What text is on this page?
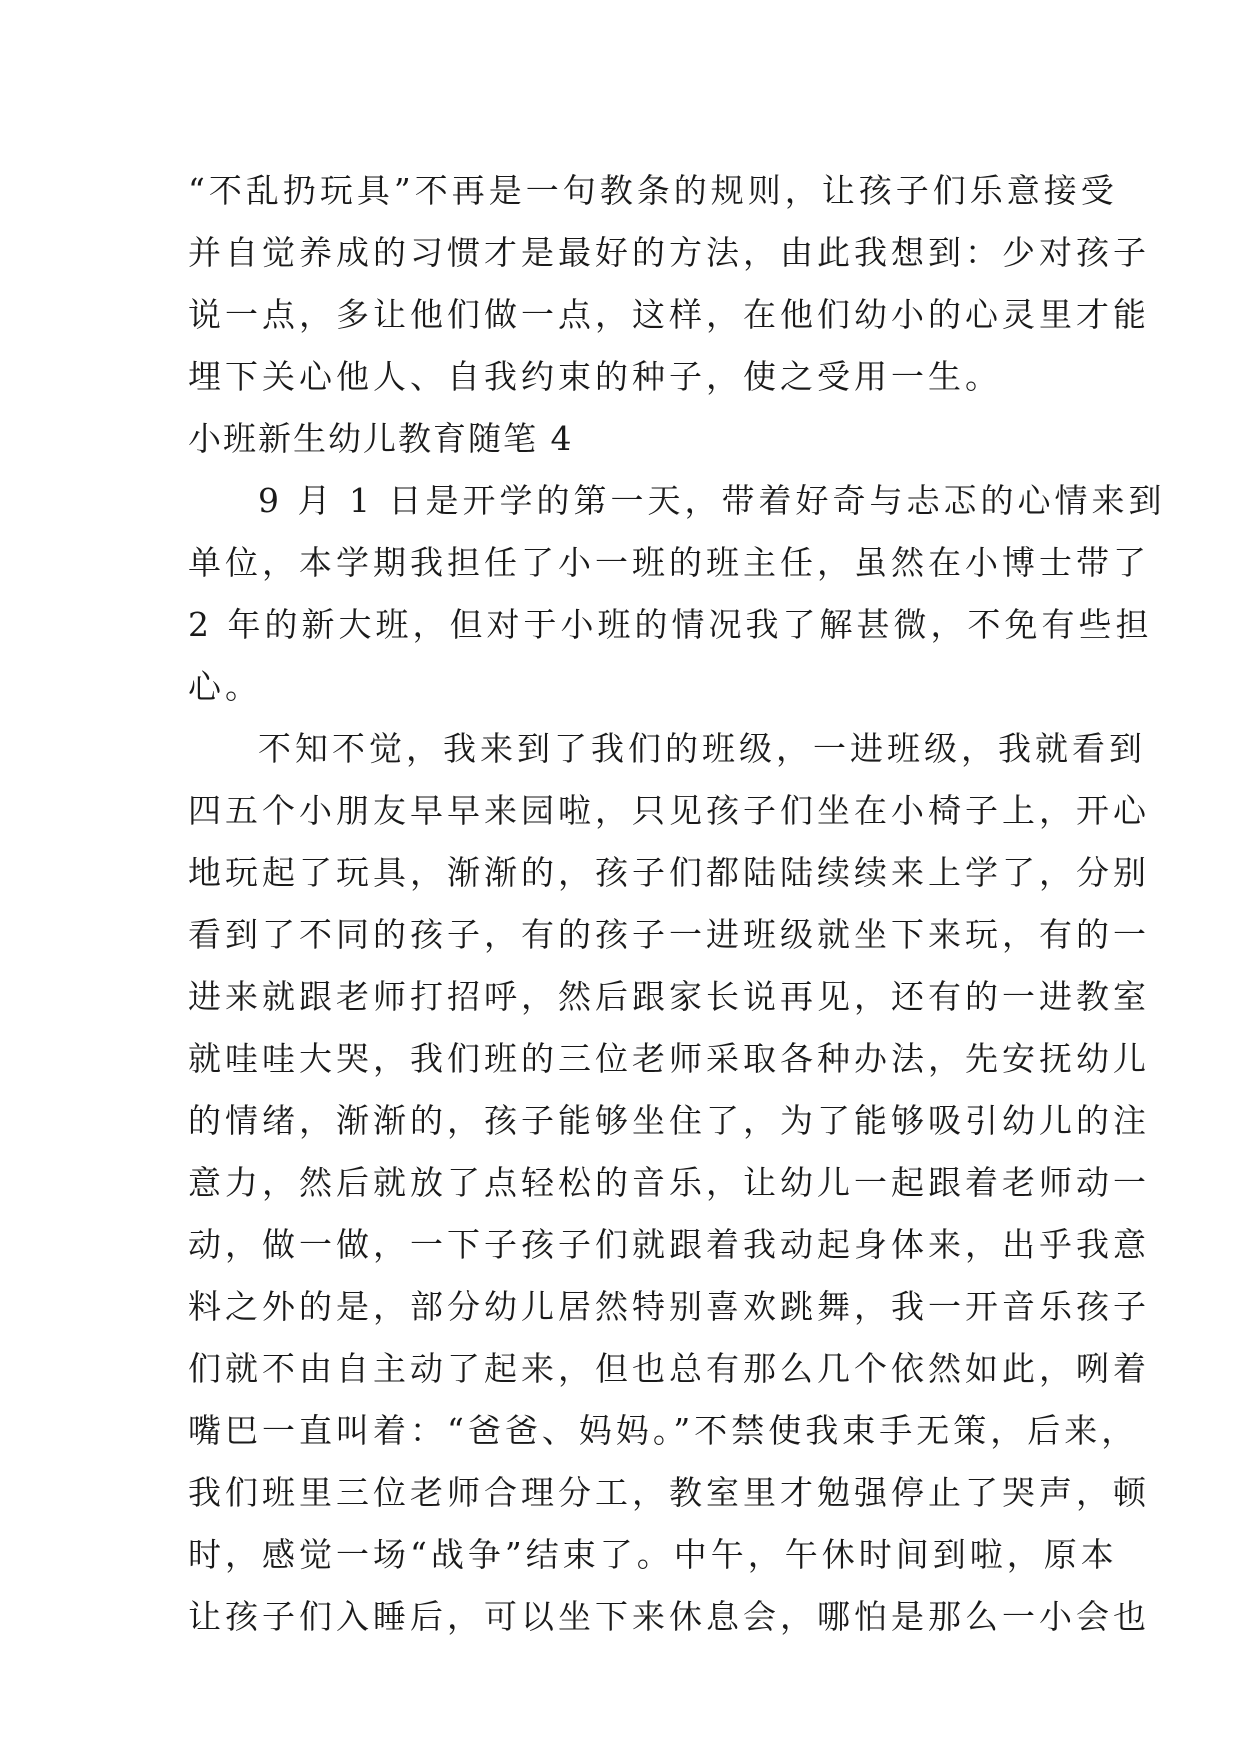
“不乱扔玩具”不再是一句教条的规则，让孩子们乐意接受
并自觉养成的习惯才是最好的方法，由此我想到：少对孩子
说一点，多让他们做一点，这样，在他们幼小的心灵里才能
埋下关心他人、自我约束的种子，使之受用一生。
小班新生幼儿教育随笔 4
9 月 1 日是开学的第一天，带着好奇与忐忑的心情来到
单位，本学期我担任了小一班的班主任，虽然在小博士带了
2 年的新大班，但对于小班的情况我了解甚微，不免有些担
心。
不知不觉，我来到了我们的班级，一进班级，我就看到
四五个小朋友早早来园啦，只见孩子们坐在小椅子上，开心
地玩起了玩具，渐渐的，孩子们都陆陆续续来上学了，分别
看到了不同的孩子，有的孩子一进班级就坐下来玩，有的一
进来就跟老师打招呼，然后跟家长说再见，还有的一进教室
就哇哇大哭，我们班的三位老师采取各种办法，先安抚幼儿
的情绪，渐渐的，孩子能够坐住了，为了能够吸引幼儿的注
意力，然后就放了点轻松的音乐，让幼儿一起跟着老师动一
动，做一做，一下子孩子们就跟着我动起身体来，出乎我意
料之外的是，部分幼儿居然特别喜欢跳舞，我一开音乐孩子
们就不由自主动了起来，但也总有那么几个依然如此，咧着
嘴巴一直叫着：“爸爸、妈妈。”不禁使我束手无策，后来，
我们班里三位老师合理分工，教室里才勉强停止了哭声，顿
时，感觉一场“战争”结束了。中午，午休时间到啦，原本
让孩子们入睡后，可以坐下来休息会，哪怕是那么一小会也
